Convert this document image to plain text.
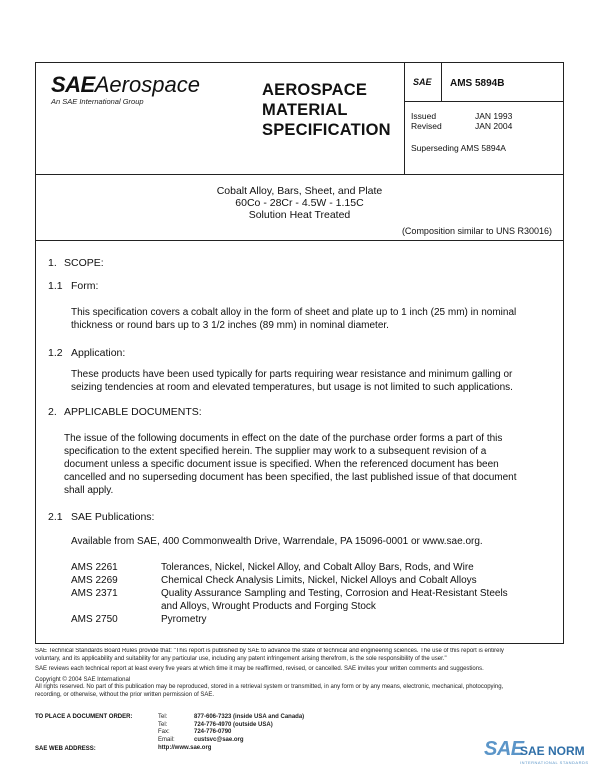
SAEAerospace
An SAE International Group
AEROSPACE
MATERIAL
SPECIFICATION
SAE AMS 5894B
Issued	JAN 1993
Revised	JAN 2004
Superseding AMS 5894A
Cobalt Alloy, Bars, Sheet, and Plate
60Co - 28Cr - 4.5W - 1.15C
Solution Heat Treated
(Composition similar to UNS R30016)
1. SCOPE:
1.1 Form:
This specification covers a cobalt alloy in the form of sheet and plate up to 1 inch (25 mm) in nominal
thickness or round bars up to 3 1/2 inches (89 mm) in nominal diameter.
1.2 Application:
These products have been used typically for parts requiring wear resistance and minimum galling or
seizing tendencies at room and elevated temperatures, but usage is not limited to such applications.
2. APPLICABLE DOCUMENTS:
The issue of the following documents in effect on the date of the purchase order forms a part of this
specification to the extent specified herein. The supplier may work to a subsequent revision of a
document unless a specific document issue is specified. When the referenced document has been
cancelled and no superseding document has been specified, the last published issue of that document
shall apply.
2.1 SAE Publications:
Available from SAE, 400 Commonwealth Drive, Warrendale, PA 15096-0001 or www.sae.org.
AMS 2261	Tolerances, Nickel, Nickel Alloy, and Cobalt Alloy Bars, Rods, and Wire
AMS 2269	Chemical Check Analysis Limits, Nickel, Nickel Alloys and Cobalt Alloys
AMS 2371	Quality Assurance Sampling and Testing, Corrosion and Heat-Resistant Steels
and Alloys, Wrought Products and Forging Stock
AMS 2750	Pyrometry
SAE Technical Standards Board Rules provide that: "This report is published by SAE to advance the state of technical and engineering sciences. The use of this report is entirely
voluntary, and its applicability and suitability for any particular use, including any patent infringement arising therefrom, is the sole responsibility of the user."
SAE reviews each technical report at least every five years at which time it may be reaffirmed, revised, or cancelled. SAE invites your written comments and suggestions.
Copyright © 2004 SAE International
All rights reserved. No part of this publication may be reproduced, stored in a retrieval system or transmitted, in any form or by any means, electronic, mechanical, photocopying,
recording, or otherwise, without the prior written permission of SAE.
TO PLACE A DOCUMENT ORDER:	Tel:	877-606-7323 (inside USA and Canada)
Tel:	724-776-4970 (outside USA)
Fax:	724-776-0790
Email:	custsvc@sae.org
SAE WEB ADDRESS:	http://www.sae.org	SAE
SAE NORM
INTERNATIONAL STANDARDS
